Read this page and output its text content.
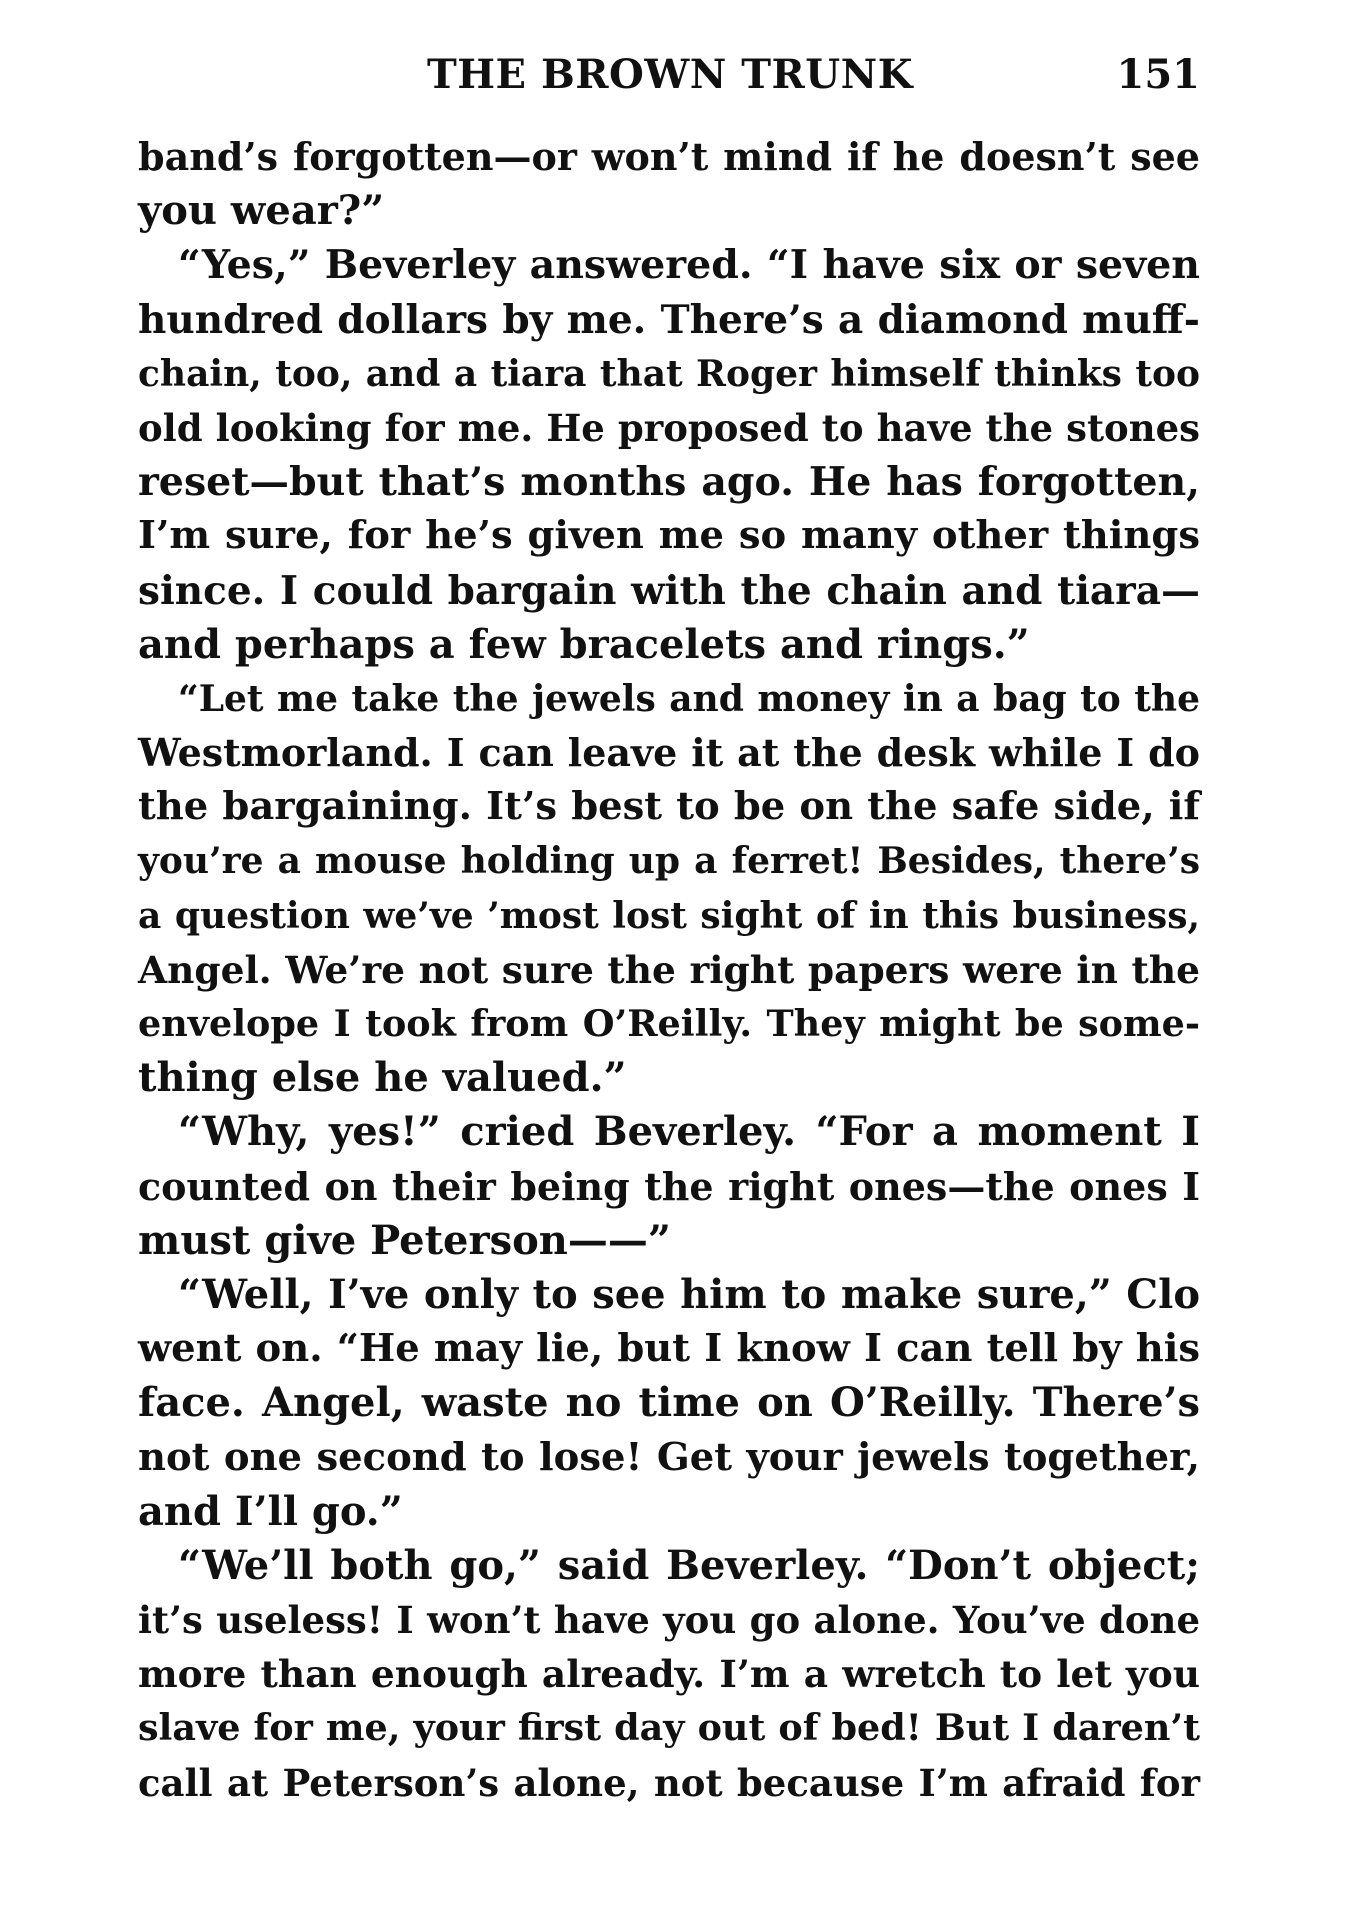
THE BROWN TRUNK	151
band’s forgotten—or won’t mind if he doesn’t see
you wear?”
“Yes,” Beverley answered. “I have six or seven
hundred dollars by me. There’s a diamond muff-
chain, too, and a tiara that Roger himself thinks too
old looking for me. He proposed to have the stones
reset—but that’s months ago. He has forgotten,
I’m sure, for he’s given me so many other things
since. I could bargain with the chain and tiara—
and perhaps a few bracelets and rings.”
“Let me take the jewels and money in a bag to the
Westmorland. I can leave it at the desk while I do
the bargaining. It’s best to be on the safe side, if
you’re a mouse holding up a ferret! Besides, there’s
a question we’ve ’most lost sight of in this business,
Angel. We’re not sure the right papers were in the
envelope I took from O’Reilly. They might be some-
thing else he valued.”
“Why, yes!” cried Beverley. “For a moment I
counted on their being the right ones—the ones I
must give Peterson——”
“Well, I’ve only to see him to make sure,” Clo
went on. “He may lie, but I know I can tell by his
face. Angel, waste no time on O’Reilly. There’s
not one second to lose! Get your jewels together,
and I’ll go.”
“We’ll both go,” said Beverley. “Don’t object;
it’s useless! I won’t have you go alone. You’ve done
more than enough already. I’m a wretch to let you
slave for me, your first day out of bed! But I daren’t
call at Peterson’s alone, not because I’m afraid for
